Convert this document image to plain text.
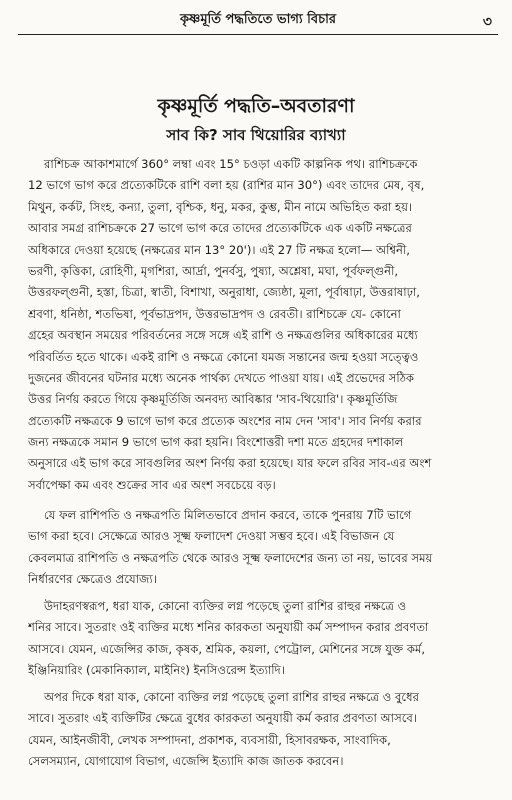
কৃষ্ণমূর্তি পদ্ধতিতে ভাগ্য বিচার	৩
কৃষ্ণমূর্তি পদ্ধতি–অবতারণা
সাব কি? সাব থিয়োরির ব্যাখ্যা
রাশিচক্র আকাশমার্গে 360° লম্বা এবং 15° চওড়া একটি কাল্পনিক পথ। রাশিচক্রকে
12 ভাগে ভাগ করে প্রত্যেকটিকে রাশি বলা হয় (রাশির মান 30°) এবং তাদের মেষ, বৃষ,
মিথুন, কর্কট, সিংহ, কন্যা, তুলা, বৃশ্চিক, ধনু, মকর, কুম্ভ, মীন নামে অভিহিত করা হয়।
আবার সমগ্র রাশিচক্রকে 27 ভাগে ভাগ করে তাদের প্রত্যেকটিকে এক একটি নক্ষত্রের
অধিকারে দেওয়া হয়েছে (নক্ষত্রের মান 13° 20')। এই 27 টি নক্ষত্র হলো— অশ্বিনী,
ভরণী, কৃত্তিকা, রোহিণী, মৃগশিরা, আর্দ্রা, পুনর্বসু, পুষ্যা, অশ্লেষা, মঘা, পূর্বফল্গুনী,
উত্তরফল্গুনী, হস্তা, চিত্রা, স্বাতী, বিশাখা, অনুরাধা, জ্যেষ্ঠা, মূলা, পূর্বাষাঢ়া, উত্তরাষাঢ়া,
শ্রবণা, ধনিষ্ঠা, শতভিষা, পূর্বভাদ্রপদ, উত্তরভাদ্রপদ ও রেবতী। রাশিচক্রে যে- কোনো
গ্রহের অবস্থান সময়ের পরিবর্তনের সঙ্গে সঙ্গে এই রাশি ও নক্ষত্রগুলির অধিকারের মধ্যে
পরিবর্তিত হতে থাকে। একই রাশি ও নক্ষত্রে কোনো যমজ সন্তানের জন্ম হওয়া সত্ত্বেও
দুজনের জীবনের ঘটনার মধ্যে অনেক পার্থক্য দেখতে পাওয়া যায়। এই প্রভেদের সঠিক
উত্তর নির্ণয় করতে গিয়ে কৃষ্ণমূর্তিজি অনবদ্য আবিষ্কার 'সাব-থিয়োরি'। কৃষ্ণমূর্তিজি
প্রত্যেকটি নক্ষত্রকে 9 ভাগে ভাগ করে প্রত্যেক অংশের নাম দেন 'সাব'। সাব নির্ণয় করার
জন্য নক্ষত্রকে সমান 9 ভাগে ভাগ করা হয়নি। বিংশোত্তরী দশা মতে গ্রহদের দশাকাল
অনুসারে এই ভাগ করে সাবগুলির অংশ নির্ণয় করা হয়েছে। যার ফলে রবির সাব-এর অংশ
সর্বাপেক্ষা কম এবং শুক্রের সাব এর অংশ সবচেয়ে বড়।
যে ফল রাশিপতি ও নক্ষত্রপতি মিলিতভাবে প্রদান করবে, তাকে পুনরায় 7টি ভাগে
ভাগ করা হবে। সেক্ষেত্রে আরও সূক্ষ্ম ফলাদেশ দেওয়া সম্ভব হবে। এই বিভাজন যে
কেবলমাত্র রাশিপতি ও নক্ষত্রপতি থেকে আরও সূক্ষ্ম ফলাদেশের জন্য তা নয়, ভাবের সময়
নির্ধারণের ক্ষেত্রেও প্রযোজ্য।
উদাহরণস্বরূপ, ধরা যাক, কোনো ব্যক্তির লগ্ন পড়েছে তুলা রাশির রাহুর নক্ষত্রে ও
শনির সাবে। সুতরাং ওই ব্যক্তির মধ্যে শনির কারকতা অনুযায়ী কর্ম সম্পাদন করার প্রবণতা
আসবে। যেমন, এজেন্সির কাজ, কৃষক, শ্রমিক, কয়লা, পেট্রোল, মেশিনের সঙ্গে যুক্ত কর্ম,
ইঞ্জিনিয়ারিং (মেকানিক্যাল, মাইনিং) ইনসিওরেন্স ইত্যাদি।
অপর দিকে ধরা যাক, কোনো ব্যক্তির লগ্ন পড়েছে তুলা রাশির রাহুর নক্ষত্রে ও বুধের
সাবে। সুতরাং এই ব্যক্তিটির ক্ষেত্রে বুধের কারকতা অনুযায়ী কর্ম করার প্রবণতা আসবে।
যেমন, আইনজীবী, লেখক সম্পাদনা, প্রকাশক, ব্যবসায়ী, হিসাবরক্ষক, সাংবাদিক,
সেলসম্যান, যোগাযোগ বিভাগ, এজেন্সি ইত্যাদি কাজ জাতক করবেন।
